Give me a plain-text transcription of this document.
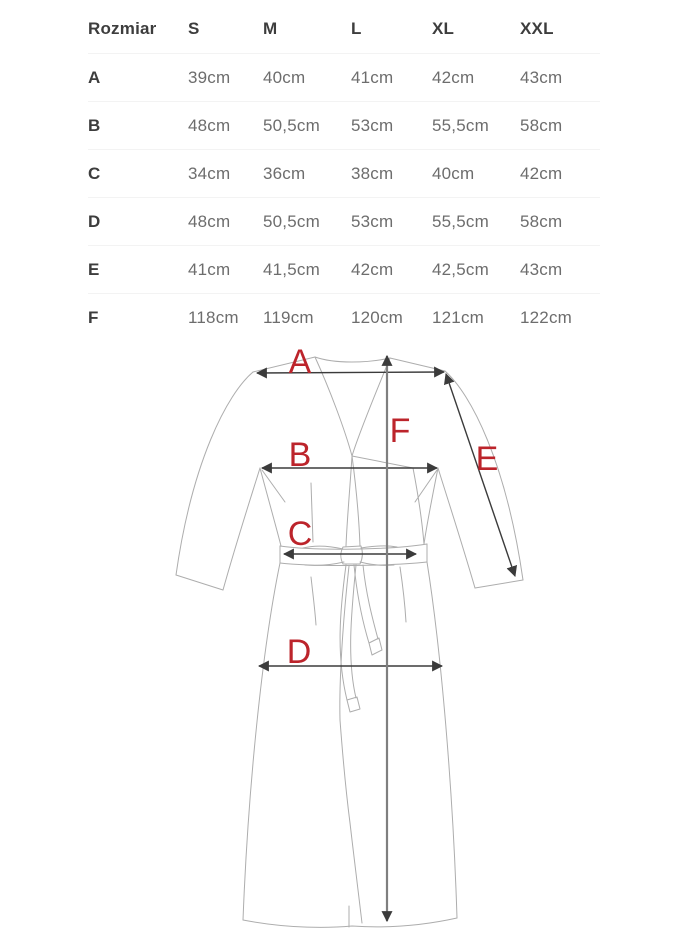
Rozmiar	S	M	L	XL	XXL
A	39cm	40cm	41cm	42cm	43cm
B	48cm	50,5cm	53cm	55,5cm	58cm
C	34cm	36cm	38cm	40cm	42cm
D	48cm	50,5cm	53cm	55,5cm	58cm
E	41cm	41,5cm	42cm	42,5cm	43cm
F	118cm	119cm	120cm	121cm	122cm
A
B
C
D
E
F
